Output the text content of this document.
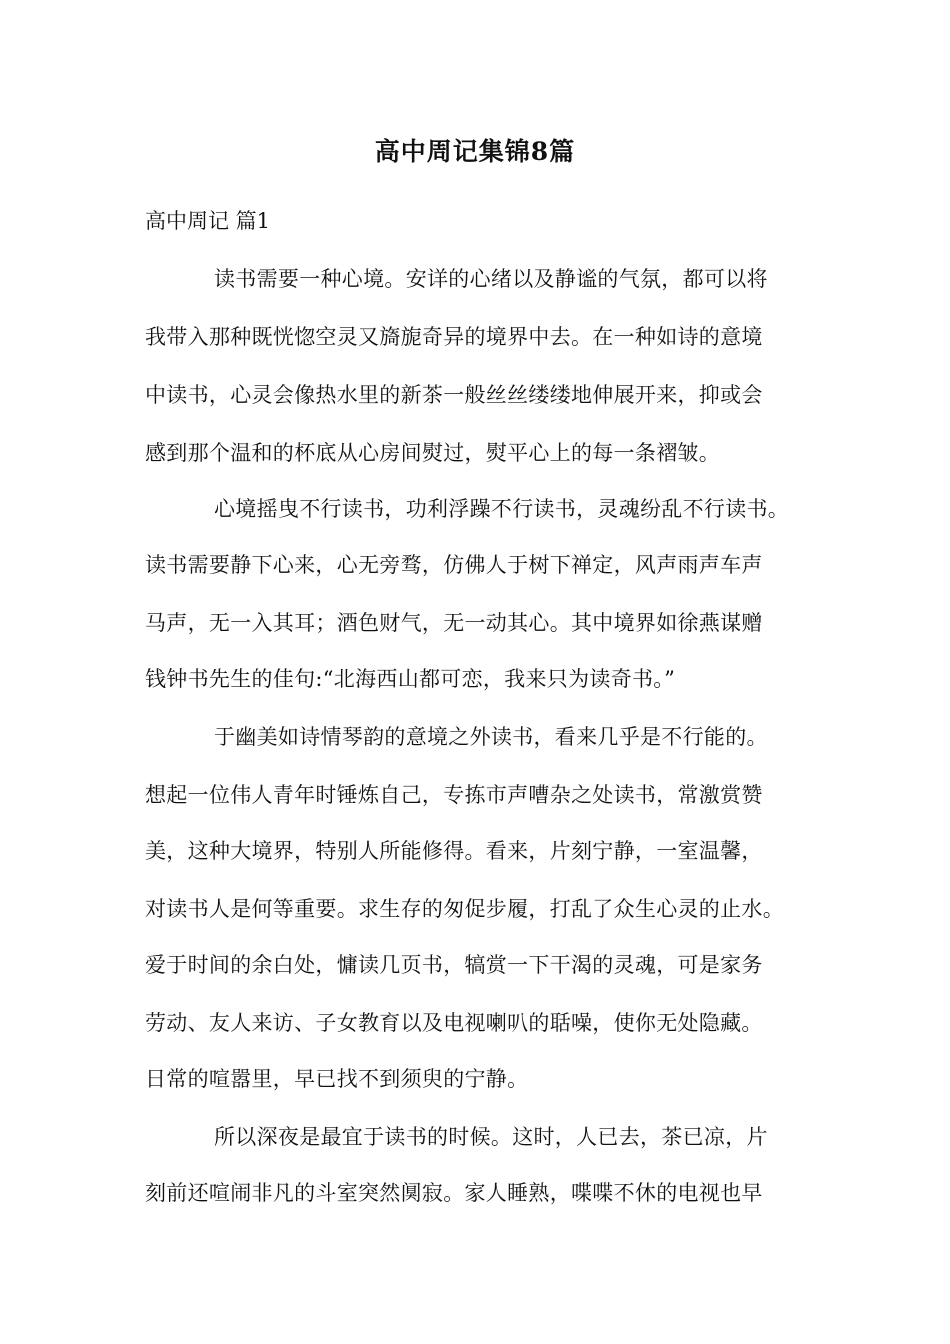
高中周记集锦8篇
高中周记 篇1
读书需要一种心境。安详的心绪以及静谧的气氛，都可以将
我带入那种既恍惚空灵又旖旎奇异的境界中去。在一种如诗的意境
中读书，心灵会像热水里的新茶一般丝丝缕缕地伸展开来，抑或会
感到那个温和的杯底从心房间熨过，熨平心上的每一条褶皱。
心境摇曳不行读书，功利浮躁不行读书，灵魂纷乱不行读书。
读书需要静下心来，心无旁骛，仿佛人于树下禅定，风声雨声车声
马声，无一入其耳；酒色财气，无一动其心。其中境界如徐燕谋赠
钱钟书先生的佳句:“北海西山都可恋，我来只为读奇书。”
于幽美如诗情琴韵的意境之外读书，看来几乎是不行能的。
想起一位伟人青年时锤炼自己，专拣市声嘈杂之处读书，常激赏赞
美，这种大境界，特别人所能修得。看来，片刻宁静，一室温馨，
对读书人是何等重要。求生存的匆促步履，打乱了众生心灵的止水。
爱于时间的余白处，慵读几页书，犒赏一下干渴的灵魂，可是家务
劳动、友人来访、子女教育以及电视喇叭的聒噪，使你无处隐藏。
日常的喧嚣里，早已找不到须臾的宁静。
所以深夜是最宜于读书的时候。这时，人已去，茶已凉，片
刻前还喧闹非凡的斗室突然阒寂。家人睡熟，喋喋不休的电视也早
